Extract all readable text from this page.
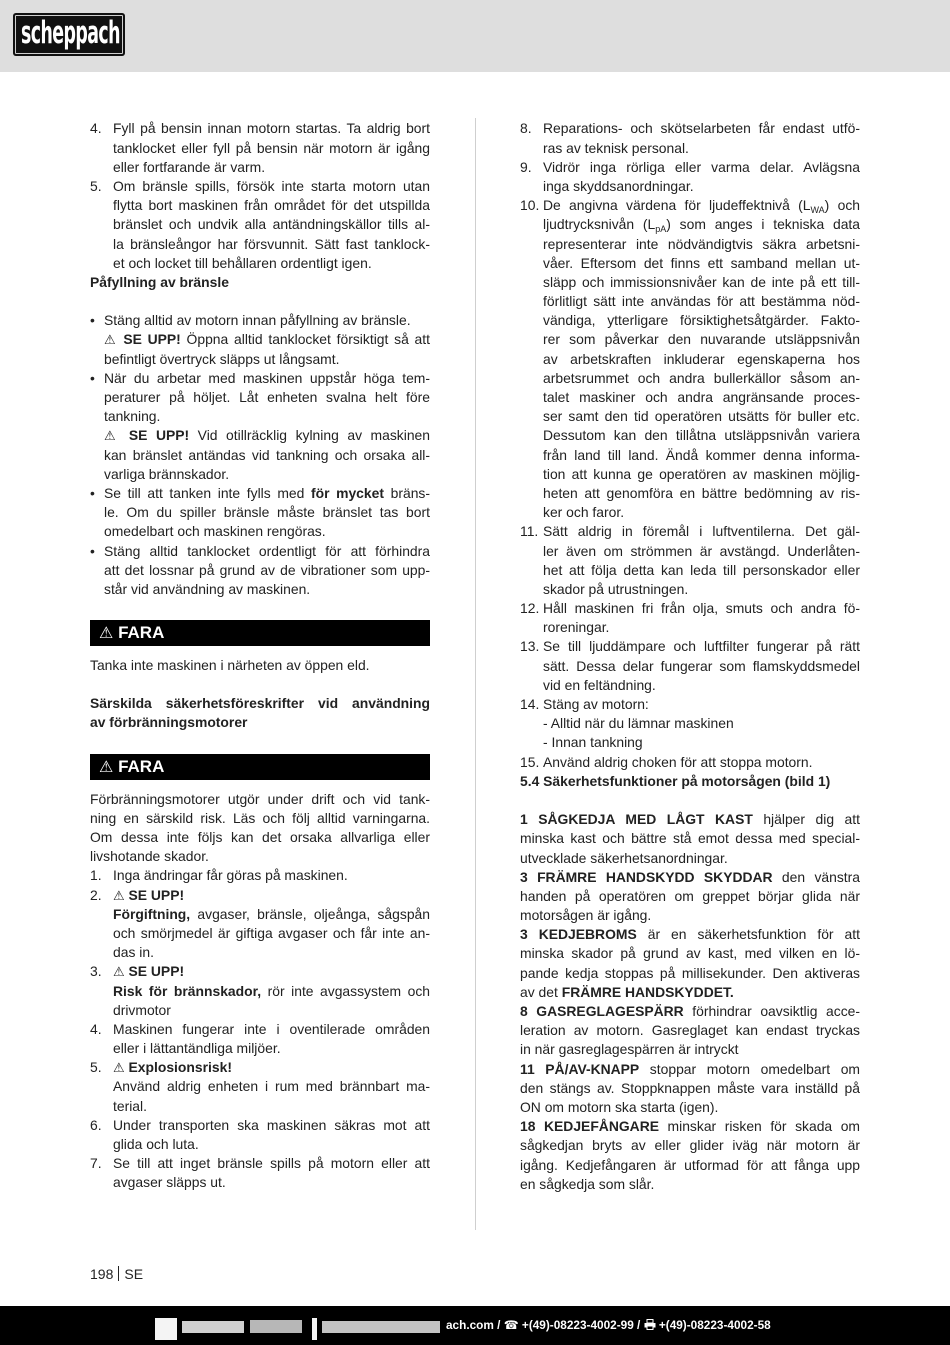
scheppach
4. Fyll på bensin innan motorn startas. Ta aldrig bort
tanklocket eller fyll på bensin när motorn är igång
eller fortfarande är varm.
5. Om bränsle spills, försök inte starta motorn utan
flytta bort maskinen från området för det utspillda
bränslet och undvik alla antändningskällor tills al-
la bränsleångor har försvunnit. Sätt fast tanklock-
et och locket till behållaren ordentligt igen.
Påfyllning av bränsle
• Stäng alltid av motorn innan påfyllning av bränsle.
⚠ SE UPP! Öppna alltid tanklocket försiktigt så att
befintligt övertryck släpps ut långsamt.
• När du arbetar med maskinen uppstår höga tem-
peraturer på höljet. Låt enheten svalna helt före
tankning.
⚠ SE UPP! Vid otillräcklig kylning av maskinen
kan bränslet antändas vid tankning och orsaka all-
varliga brännskador.
• Se till att tanken inte fylls med för mycket bräns-
le. Om du spiller bränsle måste bränslet tas bort
omedelbart och maskinen rengöras.
• Stäng alltid tanklocket ordentligt för att förhindra
att det lossnar på grund av de vibrationer som upp-
står vid användning av maskinen.
⚠ FARA
Tanka inte maskinen i närheten av öppen eld.
Särskilda säkerhetsföreskrifter vid användning
av förbränningsmotorer
⚠ FARA
Förbränningsmotorer utgör under drift och vid tank-
ning en särskild risk. Läs och följ alltid varningarna.
Om dessa inte följs kan det orsaka allvarliga eller
livshotande skador.
1. Inga ändringar får göras på maskinen.
2. ⚠ SE UPP!
Förgiftning, avgaser, bränsle, oljeånga, sågspån
och smörjmedel är giftiga avgaser och får inte an-
das in.
3. ⚠ SE UPP!
Risk för brännskador, rör inte avgassystem och
drivmotor
4. Maskinen fungerar inte i oventilerade områden
eller i lättantändliga miljöer.
5. ⚠ Explosionsrisk!
Använd aldrig enheten i rum med brännbart ma-
terial.
6. Under transporten ska maskinen säkras mot att
glida och luta.
7. Se till att inget bränsle spills på motorn eller att
avgaser släpps ut.
8. Reparations- och skötselarbeten får endast utfö-
ras av teknisk personal.
9. Vidrör inga rörliga eller varma delar. Avlägsna
inga skyddsanordningar.
10. De angivna värdena för ljudeffektnivå $(L_{WA})$ och
ljudtrycksnivån $(L_{pA})$ som anges i tekniska data
representerar inte nödvändigtvis säkra arbetsni-
våer. Eftersom det finns ett samband mellan ut-
släpp och immissionsnivåer kan de inte på ett till-
förlitligt sätt inte användas för att bestämma nöd-
vändiga, ytterligare försiktighetsåtgärder. Fakto-
rer som påverkar den nuvarande utsläppsnivån
av arbetskraften inkluderar egenskaperna hos
arbetsrummet och andra bullerkällor såsom an-
talet maskiner och andra angränsande proces-
ser samt den tid operatören utsätts för buller etc.
Dessutom kan den tillåtna utsläppsnivån variera
från land till land. Ändå kommer denna informa-
tion att kunna ge operatören av maskinen möjlig-
heten att genomföra en bättre bedömning av ris-
ker och faror.
11. Sätt aldrig in föremål i luftventilerna. Det gäl-
ler även om strömmen är avstängd. Underlåten-
het att följa detta kan leda till personskador eller
skador på utrustningen.
12. Håll maskinen fri från olja, smuts och andra fö-
roreningar.
13. Se till ljuddämpare och luftfilter fungerar på rätt
sätt. Dessa delar fungerar som flamskyddsmedel
vid en feltändning.
14. Stäng av motorn:
- Alltid när du lämnar maskinen
- Innan tankning
15. Använd aldrig choken för att stoppa motorn.
5.4 Säkerhetsfunktioner på motorsågen (bild 1)
1 SÅGKEDJA MED LÅGT KAST hjälper dig att
minska kast och bättre stå emot dessa med special-
utvecklade säkerhetsanordningar.
3 FRÄMRE HANDSKYDD SKYDDAR den vänstra
handen på operatören om greppet börjar glida när
motorsågen är igång.
3 KEDJEBROMS är en säkerhetsfunktion för att
minska skador på grund av kast, med vilken en lö-
pande kedja stoppas på millisekunder. Den aktiveras
av det FRÄMRE HANDSKYDDET.
8 GASREGLAGESPÄRR förhindrar oavsiktlig acce-
leration av motorn. Gasreglaget kan endast tryckas
in när gasreglagespärren är intryckt
11 PÅ/AV-KNAPP stoppar motorn omedelbart om
den stängs av. Stoppknappen måste vara inställd på
ON om motorn ska starta (igen).
18 KEDJEFÅNGARE minskar risken för skada om
sågkedjan bryts av eller glider iväg när motorn är
igång. Kedjefångaren är utformad för att fånga upp
en sågkedja som slår.
198 SE
ach.com / ☎ +(49)-08223-4002-99 /  +(49)-08223-4002-58
